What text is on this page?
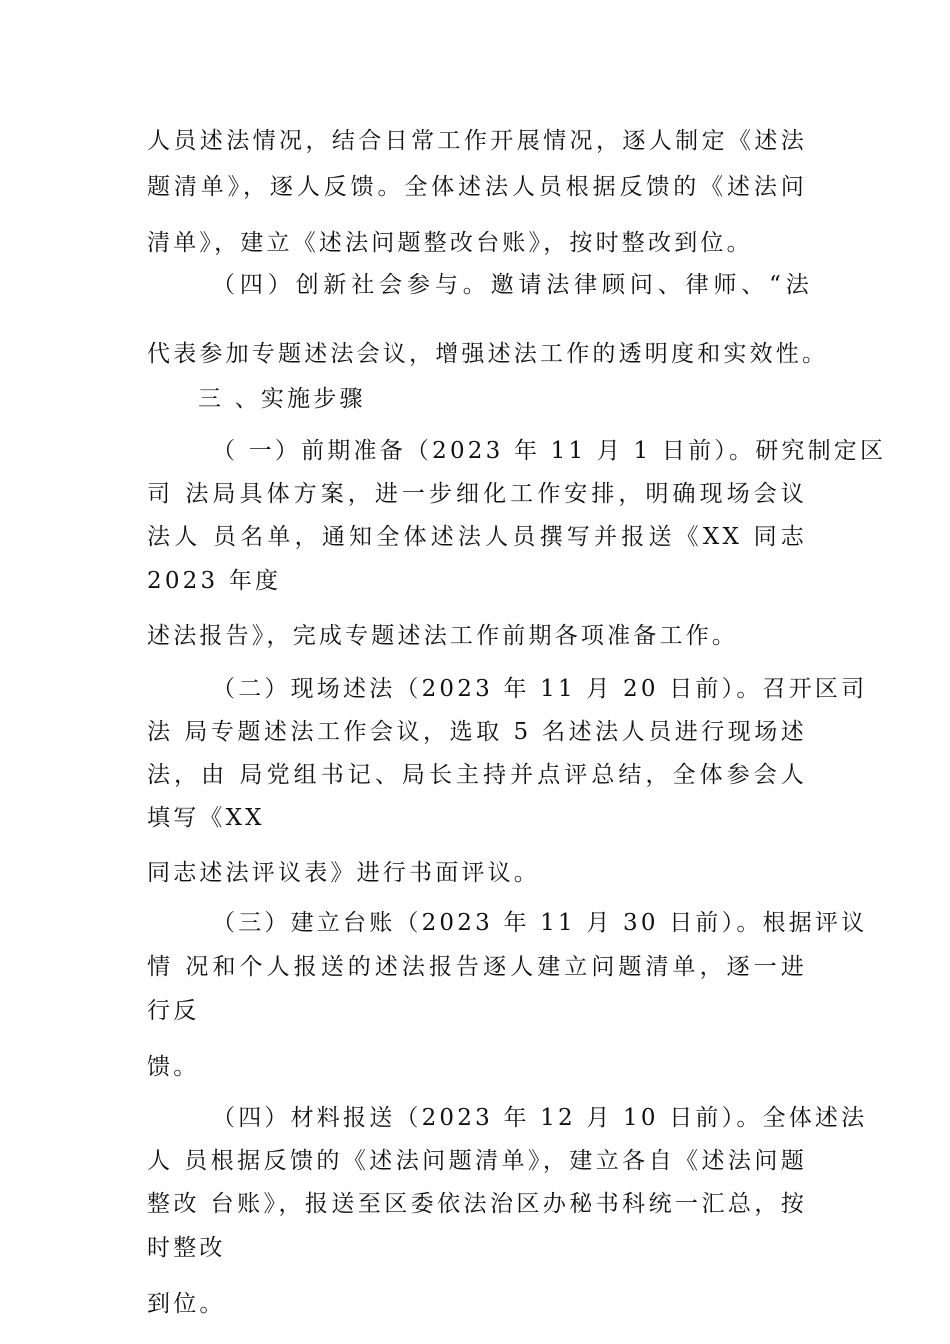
人员述法情况，结合日常工作开展情况，逐人制定《述法
题清单》，逐人反馈。全体述法人员根据反馈的《述法问
清单》，建立《述法问题整改台账》，按时整改到位。
（四）创新社会参与。邀请法律顾问、律师、“法
代表参加专题述法会议，增强述法工作的透明度和实效性。
三 、实施步骤
（ 一）前期准备（2023 年 11 月 1 日前）。研究制定区
司 法局具体方案，进一步细化工作安排，明确现场会议
法人 员名单，通知全体述法人员撰写并报送《XX 同志
2023 年度
述法报告》，完成专题述法工作前期各项准备工作。
（二）现场述法（2023 年 11 月 20 日前）。召开区司
法 局专题述法工作会议，选取 5 名述法人员进行现场述
法，由 局党组书记、局长主持并点评总结，全体参会人
填写《XX
同志述法评议表》进行书面评议。
（三）建立台账（2023 年 11 月 30 日前）。根据评议
情 况和个人报送的述法报告逐人建立问题清单，逐一进
行反
馈。
（四）材料报送（2023 年 12 月 10 日前）。全体述法
人 员根据反馈的《述法问题清单》，建立各自《述法问题
整改 台账》，报送至区委依法治区办秘书科统一汇总，按
时整改
到位。
